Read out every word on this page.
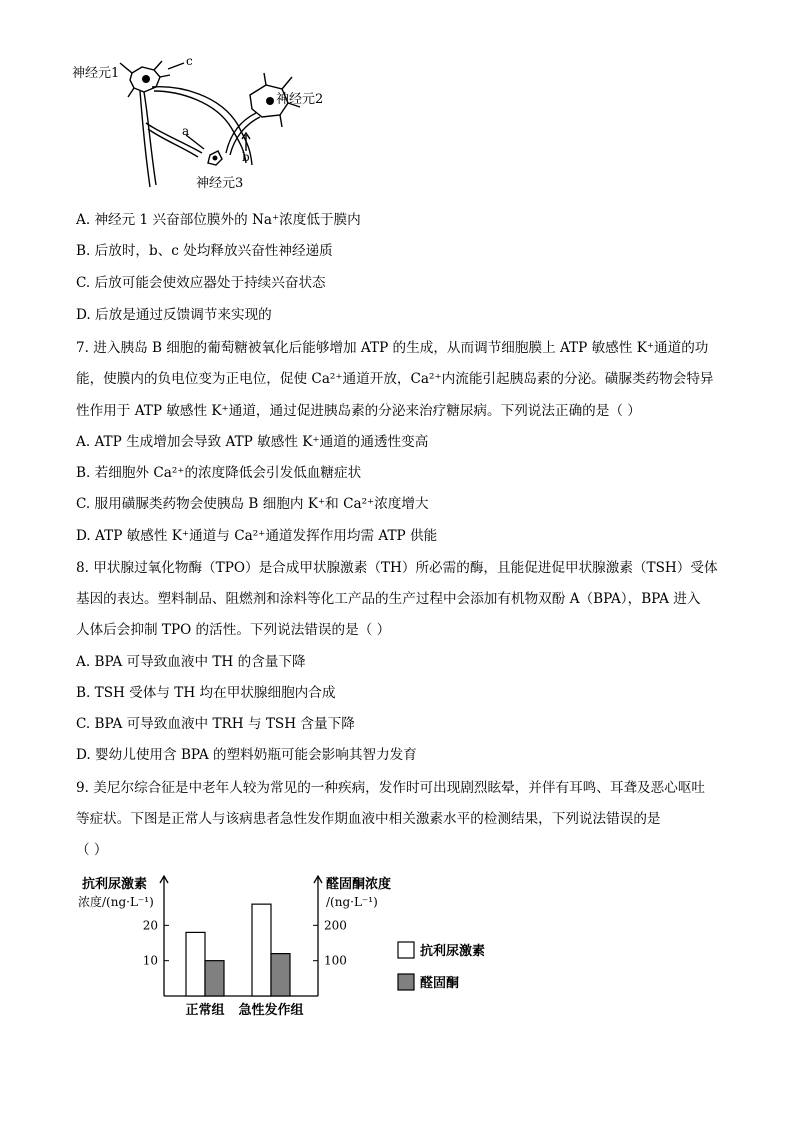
神经元1
c
神经元2
a
b
神经元3
A. 神经元 1 兴奋部位膜外的 Na⁺浓度低于膜内
B. 后放时，b、c 处均释放兴奋性神经递质
C. 后放可能会使效应器处于持续兴奋状态
D. 后放是通过反馈调节来实现的
7. 进入胰岛 B 细胞的葡萄糖被氧化后能够增加 ATP 的生成，从而调节细胞膜上 ATP 敏感性 K⁺通道的功
能，使膜内的负电位变为正电位，促使 Ca²⁺通道开放，Ca²⁺内流能引起胰岛素的分泌。磺脲类药物会特异
性作用于 ATP 敏感性 K⁺通道，通过促进胰岛素的分泌来治疗糖尿病。下列说法正确的是（ ）
A. ATP 生成增加会导致 ATP 敏感性 K⁺通道的通透性变高
B. 若细胞外 Ca²⁺的浓度降低会引发低血糖症状
C. 服用磺脲类药物会使胰岛 B 细胞内 K⁺和 Ca²⁺浓度增大
D. ATP 敏感性 K⁺通道与 Ca²⁺通道发挥作用均需 ATP 供能
8. 甲状腺过氧化物酶（TPO）是合成甲状腺激素（TH）所必需的酶，且能促进促甲状腺激素（TSH）受体
基因的表达。塑料制品、阻燃剂和涂料等化工产品的生产过程中会添加有机物双酚 A（BPA），BPA 进入
人体后会抑制 TPO 的活性。下列说法错误的是（ ）
A. BPA 可导致血液中 TH 的含量下降
B. TSH 受体与 TH 均在甲状腺细胞内合成
C. BPA 可导致血液中 TRH 与 TSH 含量下降
D. 婴幼儿使用含 BPA 的塑料奶瓶可能会影响其智力发育
9. 美尼尔综合征是中老年人较为常见的一种疾病，发作时可出现剧烈眩晕，并伴有耳鸣、耳聋及恶心呕吐
等症状。下图是正常人与该病患者急性发作期血液中相关激素水平的检测结果，下列说法错误的是
（ ）
抗利尿激素
浓度/(ng·L⁻¹)
醛固酮浓度
/(ng·L⁻¹)
10
20
100
200
正常组 急性发作组
抗利尿激素
醛固酮
